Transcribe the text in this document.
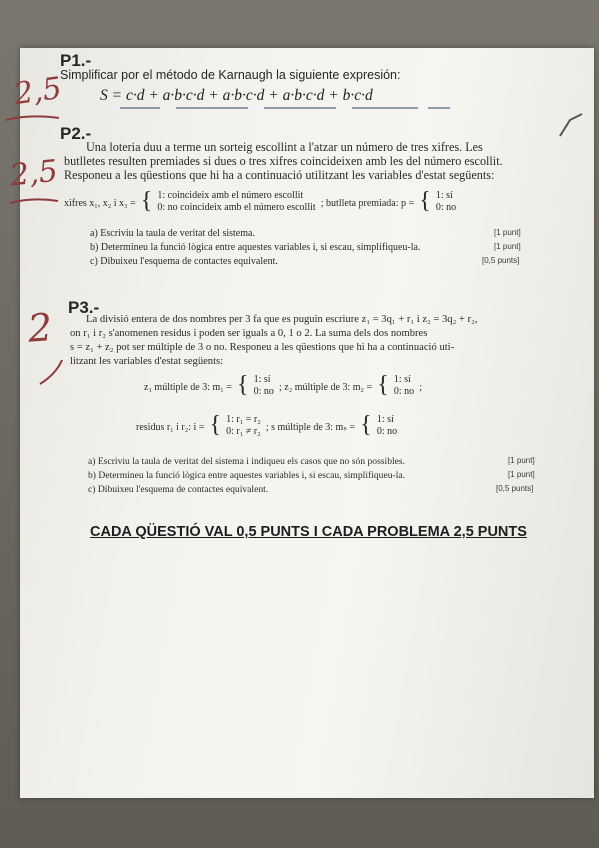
P1.-
Simplificar por el método de Karnaugh la siguiente expresión:
S = c·d + a·b·c·d + a·b·c·d + a·b·c·d + b·c·d
2,5
P2.-
2,5
Una loteria duu a terme un sorteig escollint a l'atzar un número de tres xifres. Les
butlletes resulten premiades si dues o tres xifres coincideixen amb les del número escollit.
Responeu a les qüestions que hi ha a continuació utilitzant les variables d'estat següents:
xifres x₁, x₂ i x₃ = { 1: coincideix amb el número escollit
0: no coincideix amb el número escollit ; butlleta premiada: p = { 1: sí
0: no
a) Escriviu la taula de veritat del sistema.	[1 punt]
b) Determineu la funció lògica entre aquestes variables i, si escau, simplifiqueu-la.	[1 punt]
c) Dibuixeu l'esquema de contactes equivalent.	[0,5 punts]
P3.-
2	La divisió entera de dos nombres per 3 fa que es puguin escriure z₁ = 3q₁ + r₁ i z₂ = 3q₂ + r₂,
on r₁ i r₂ s'anomenen residus i poden ser iguals a 0, 1 o 2. La suma dels dos nombres
s = z₁ + z₂ pot ser múltiple de 3 o no. Responeu a les qüestions que hi ha a continuació uti-
litzant les variables d'estat següents:
z₁ múltiple de 3: m₁ = { 1: sí
0: no ; z₂ múltiple de 3: m₂ = { 1: sí
0: no ;
residus r₁ i r₂: i = { 1: r₁ = r₂
0: r₁ ≠ r₂ ; s múltiple de 3: mₛ = { 1: sí
0: no
a) Escriviu la taula de veritat del sistema i indiqueu els casos que no són possibles.	[1 punt]
b) Determineu la funció lògica entre aquestes variables i, si escau, simplifiqueu-la.	[1 punt]
c) Dibuixeu l'esquema de contactes equivalent.	[0,5 punts]
CADA QÜESTIÓ VAL 0,5 PUNTS I CADA PROBLEMA 2,5 PUNTS
